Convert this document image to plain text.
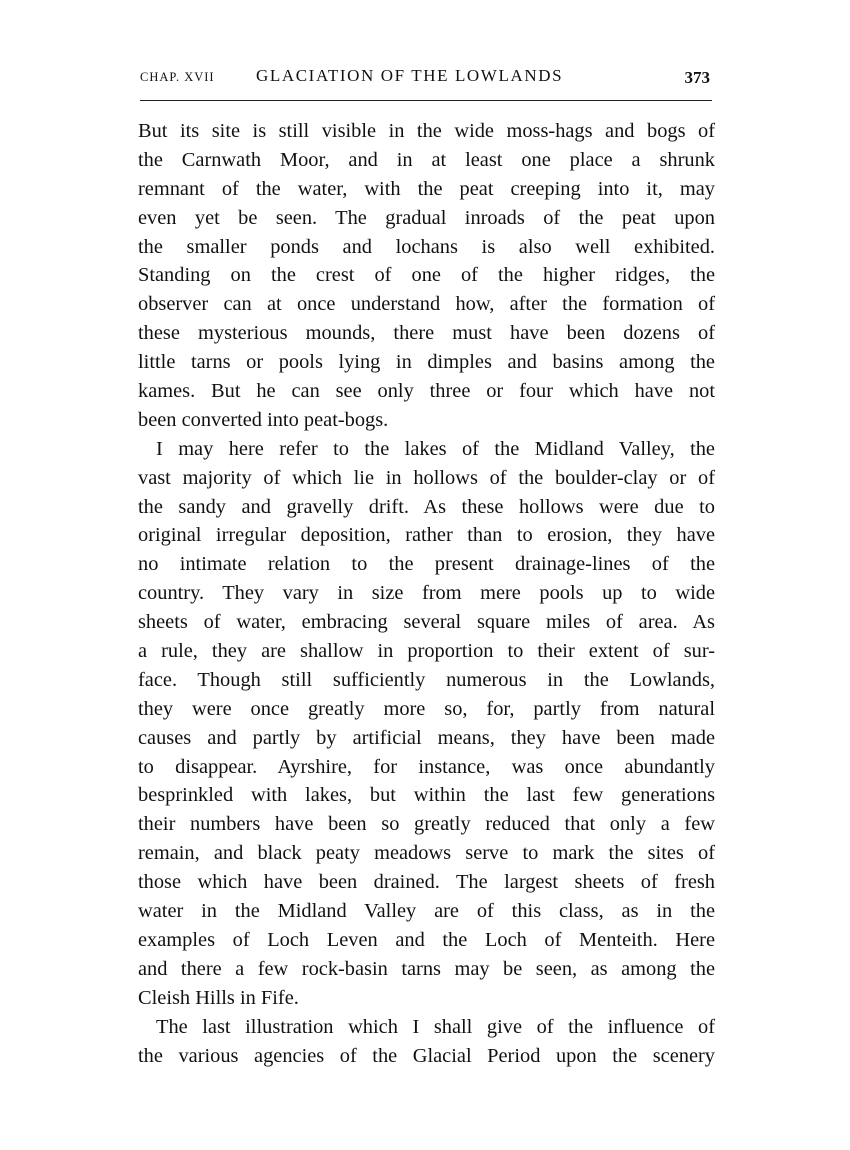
CHAP. XVII GLACIATION OF THE LOWLANDS	373
But its site is still visible in the wide moss-hags and bogs of
the Carnwath Moor, and in at least one place a shrunk
remnant of the water, with the peat creeping into it, may
even yet be seen. The gradual inroads of the peat upon
the smaller ponds and lochans is also well exhibited.
Standing on the crest of one of the higher ridges, the
observer can at once understand how, after the formation of
these mysterious mounds, there must have been dozens of
little tarns or pools lying in dimples and basins among the
kames. But he can see only three or four which have not
been converted into peat-bogs.
I may here refer to the lakes of the Midland Valley, the
vast majority of which lie in hollows of the boulder-clay or of
the sandy and gravelly drift. As these hollows were due to
original irregular deposition, rather than to erosion, they have
no intimate relation to the present drainage-lines of the
country. They vary in size from mere pools up to wide
sheets of water, embracing several square miles of area. As
a rule, they are shallow in proportion to their extent of sur-
face. Though still sufficiently numerous in the Lowlands,
they were once greatly more so, for, partly from natural
causes and partly by artificial means, they have been made
to disappear. Ayrshire, for instance, was once abundantly
besprinkled with lakes, but within the last few generations
their numbers have been so greatly reduced that only a few
remain, and black peaty meadows serve to mark the sites of
those which have been drained. The largest sheets of fresh
water in the Midland Valley are of this class, as in the
examples of Loch Leven and the Loch of Menteith. Here
and there a few rock-basin tarns may be seen, as among the
Cleish Hills in Fife.
The last illustration which I shall give of the influence of
the various agencies of the Glacial Period upon the scenery
